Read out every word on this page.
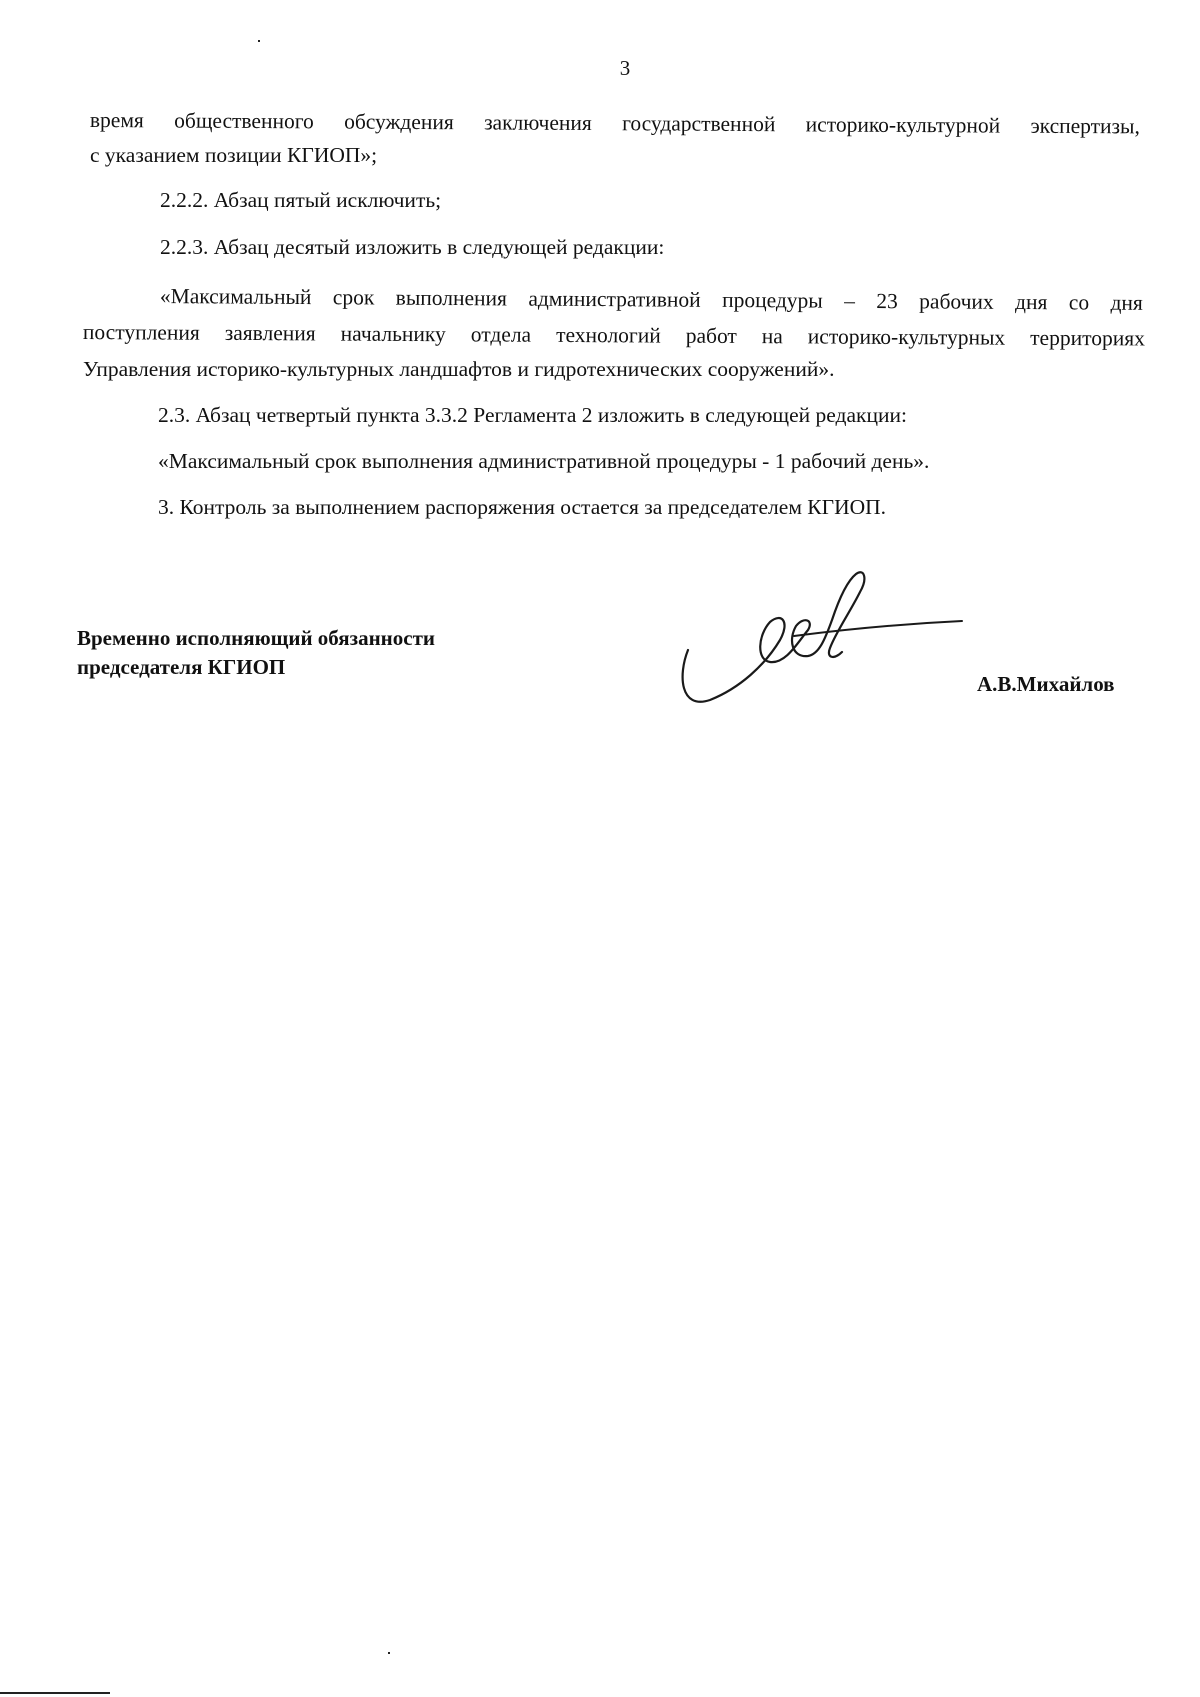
3
время общественного обсуждения заключения государственной историко-культурной экспертизы,
с указанием позиции КГИОП»;
2.2.2. Абзац пятый исключить;
2.2.3. Абзац десятый изложить в следующей редакции:
«Максимальный срок выполнения административной процедуры – 23 рабочих дня со дня
поступления заявления начальнику отдела технологий работ на историко-культурных территориях
Управления историко-культурных ландшафтов и гидротехнических сооружений».
2.3. Абзац четвертый пункта 3.3.2 Регламента 2 изложить в следующей редакции:
«Максимальный срок выполнения административной процедуры - 1 рабочий день».
3. Контроль за выполнением распоряжения остается за председателем КГИОП.
Временно исполняющий обязанности
председателя КГИОП
А.В.Михайлов
